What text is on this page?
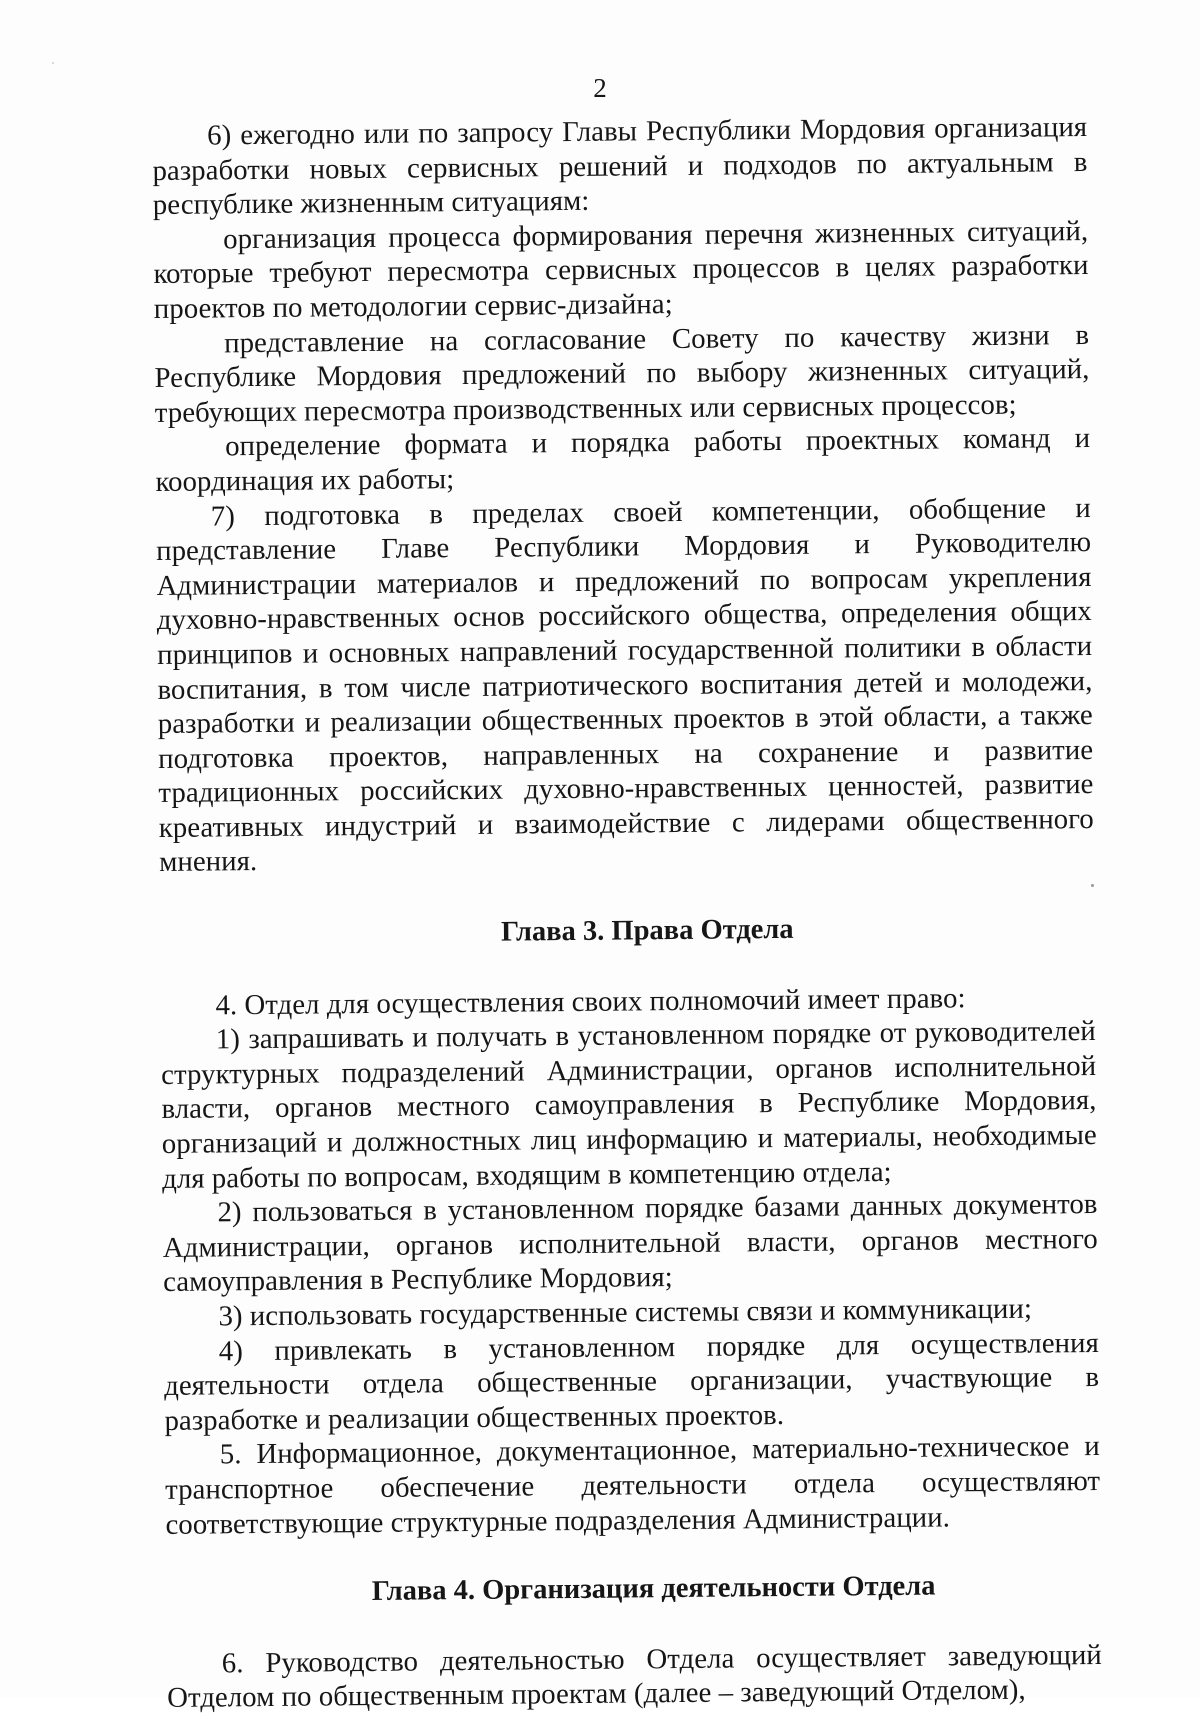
2

6) ежегодно или по запросу Главы Республики Мордовия организация разработки новых сервисных решений и подходов по актуальным в республике жизненным ситуациям:

организация процесса формирования перечня жизненных ситуаций, которые требуют пересмотра сервисных процессов в целях разработки проектов по методологии сервис-дизайна;

представление на согласование Совету по качеству жизни в Республике Мордовия предложений по выбору жизненных ситуаций, требующих пересмотра производственных или сервисных процессов;

определение формата и порядка работы проектных команд и координация их работы;

7) подготовка в пределах своей компетенции, обобщение и представление Главе Республики Мордовия и Руководителю Администрации материалов и предложений по вопросам укрепления духовно-нравственных основ российского общества, определения общих принципов и основных направлений государственной политики в области воспитания, в том числе патриотического воспитания детей и молодежи, разработки и реализации общественных проектов в этой области, а также подготовка проектов, направленных на сохранение и развитие традиционных российских духовно-нравственных ценностей, развитие креативных индустрий и взаимодействие с лидерами общественного мнения.

Глава 3. Права Отдела

4. Отдел для осуществления своих полномочий имеет право:

1) запрашивать и получать в установленном порядке от руководителей структурных подразделений Администрации, органов исполнительной власти, органов местного самоуправления в Республике Мордовия, организаций и должностных лиц информацию и материалы, необходимые для работы по вопросам, входящим в компетенцию отдела;

2) пользоваться в установленном порядке базами данных документов Администрации, органов исполнительной власти, органов местного самоуправления в Республике Мордовия;

3) использовать государственные системы связи и коммуникации;

4) привлекать в установленном порядке для осуществления деятельности отдела общественные организации, участвующие в разработке и реализации общественных проектов.

5. Информационное, документационное, материально-техническое и транспортное обеспечение деятельности отдела осуществляют соответствующие структурные подразделения Администрации.

Глава 4. Организация деятельности Отдела

6. Руководство деятельностью Отдела осуществляет заведующий Отделом по общественным проектам (далее – заведующий Отделом),
